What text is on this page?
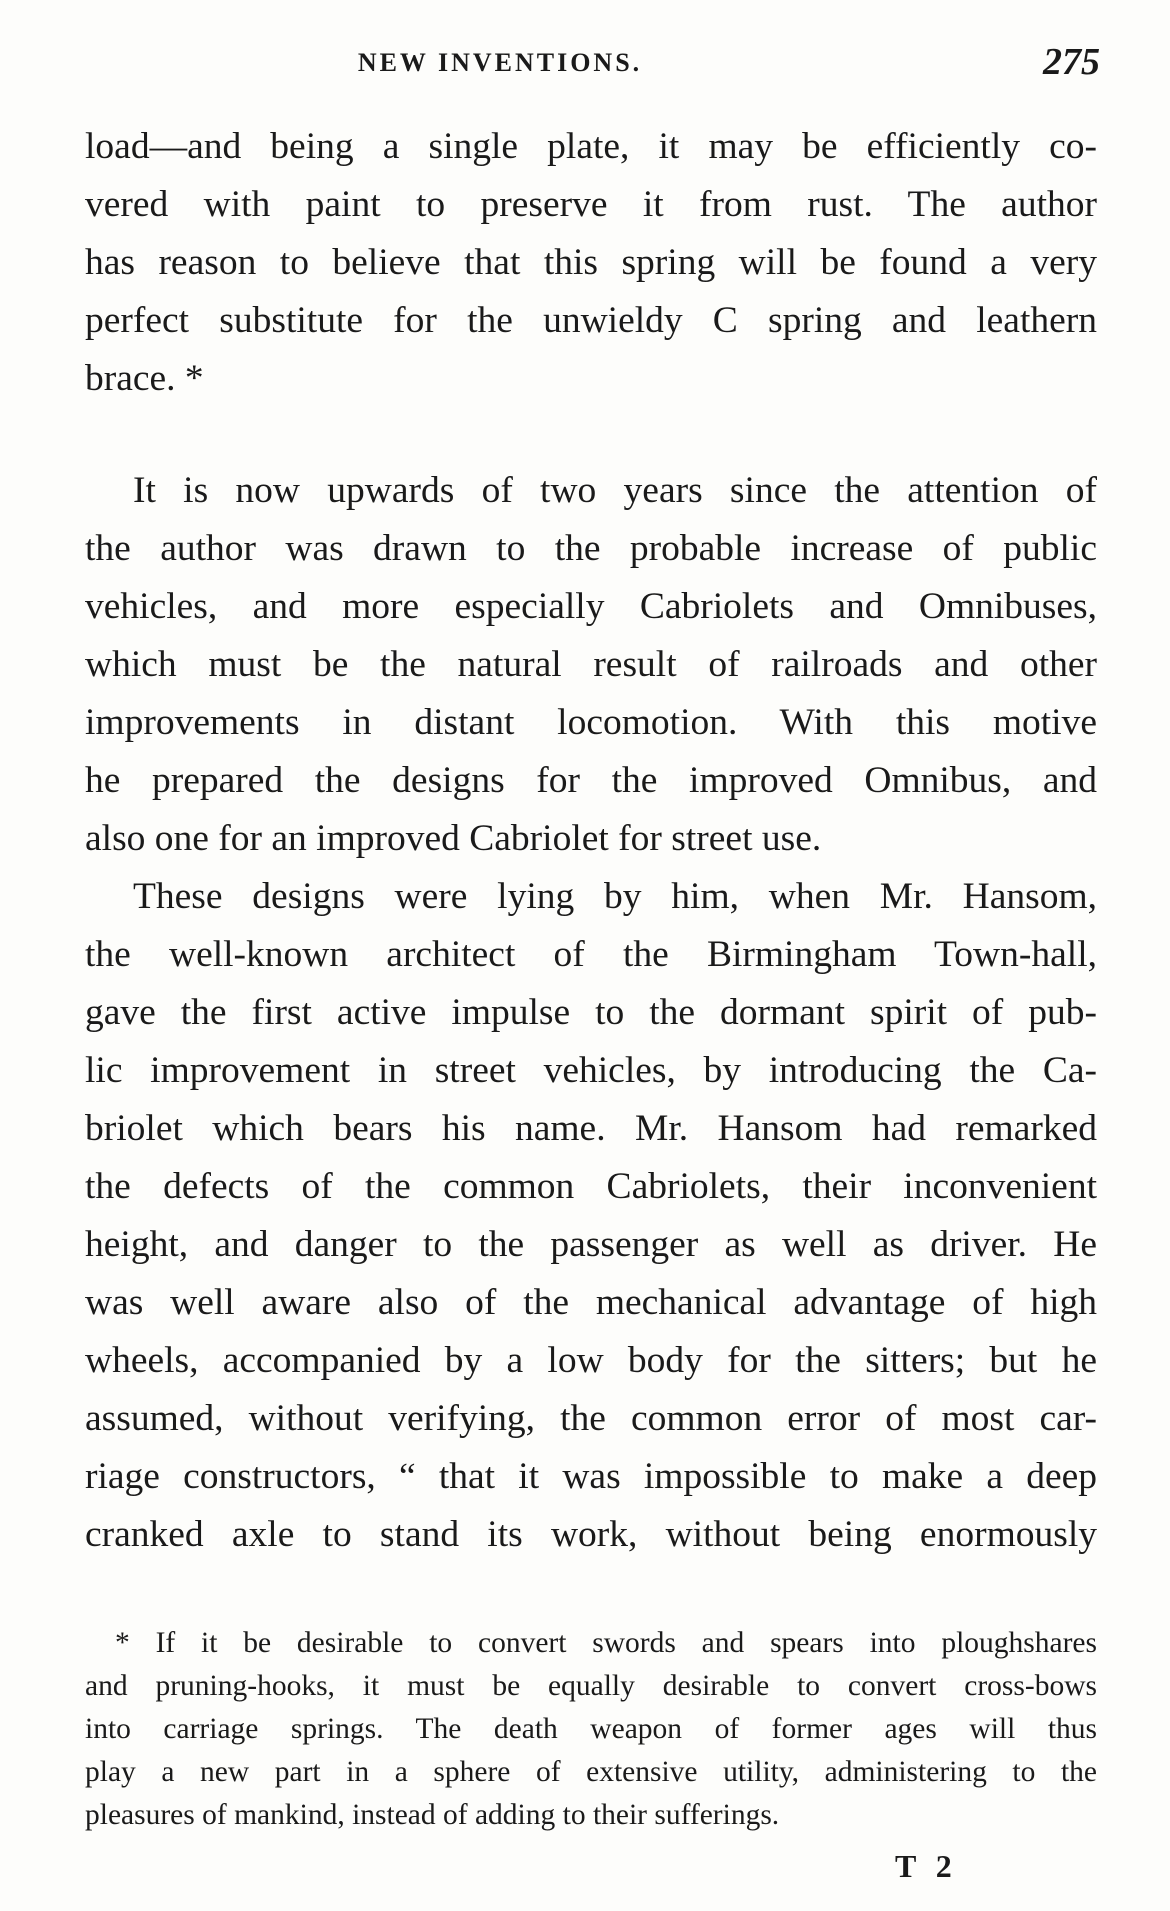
NEW INVENTIONS.	275
load—and being a single plate, it may be efficiently co-
vered with paint to preserve it from rust. The author
has reason to believe that this spring will be found a very
perfect substitute for the unwieldy C spring and leathern
brace. *
It is now upwards of two years since the attention of
the author was drawn to the probable increase of public
vehicles, and more especially Cabriolets and Omnibuses,
which must be the natural result of railroads and other
improvements in distant locomotion. With this motive
he prepared the designs for the improved Omnibus, and
also one for an improved Cabriolet for street use.
These designs were lying by him, when Mr. Hansom,
the well-known architect of the Birmingham Town-hall,
gave the first active impulse to the dormant spirit of pub-
lic improvement in street vehicles, by introducing the Ca-
briolet which bears his name. Mr. Hansom had remarked
the defects of the common Cabriolets, their inconvenient
height, and danger to the passenger as well as driver. He
was well aware also of the mechanical advantage of high
wheels, accompanied by a low body for the sitters; but he
assumed, without verifying, the common error of most car-
riage constructors, “ that it was impossible to make a deep
cranked axle to stand its work, without being enormously
* If it be desirable to convert swords and spears into ploughshares
and pruning-hooks, it must be equally desirable to convert cross-bows
into carriage springs. The death weapon of former ages will thus
play a new part in a sphere of extensive utility, administering to the
pleasures of mankind, instead of adding to their sufferings.
T 2
